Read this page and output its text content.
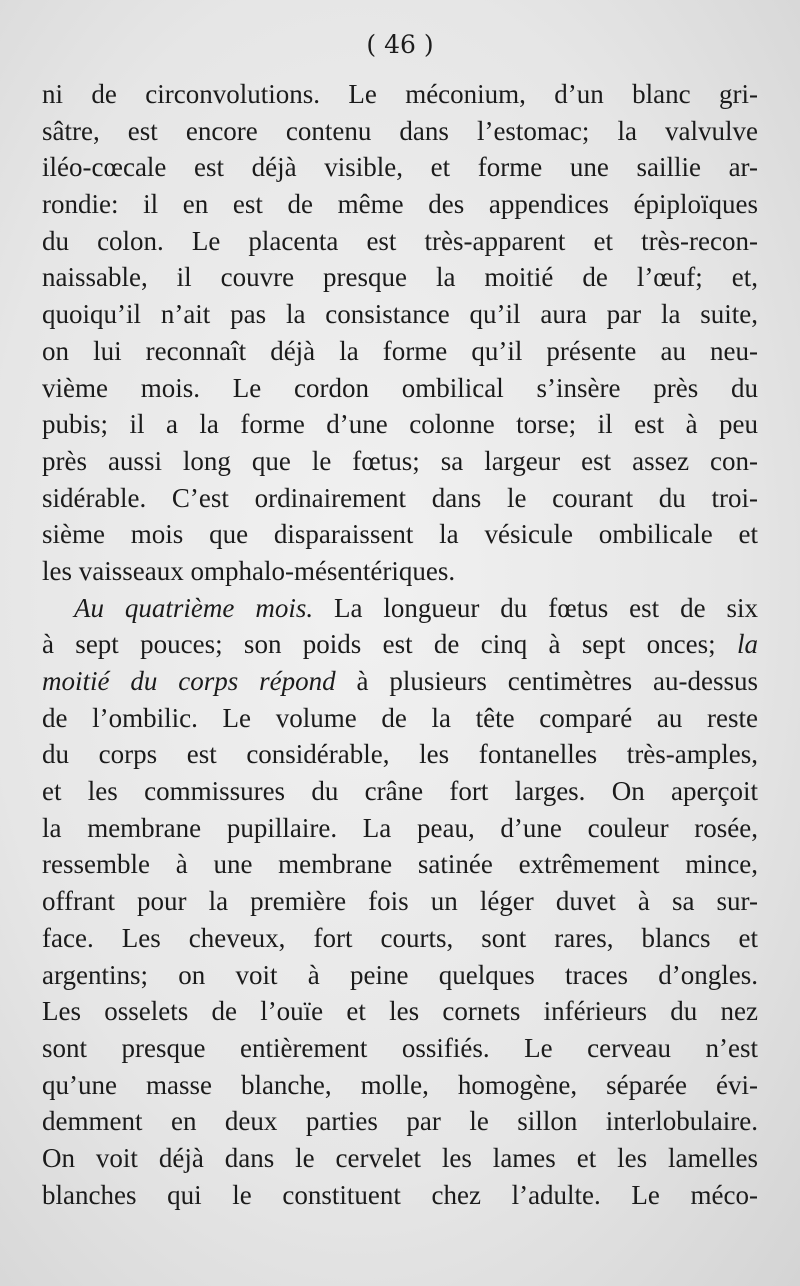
( 46 )

ni de circonvolutions. Le méconium, d’un blanc gri-
sâtre, est encore contenu dans l’estomac; la valvulve
iléo-cœcale est déjà visible, et forme une saillie ar-
rondie: il en est de même des appendices épiploïques
du colon. Le placenta est très-apparent et très-recon-
naissable, il couvre presque la moitié de l’œuf; et,
quoiqu’il n’ait pas la consistance qu’il aura par la suite,
on lui reconnaît déjà la forme qu’il présente au neu-
vième mois. Le cordon ombilical s’insère près du
pubis; il a la forme d’une colonne torse; il est à peu
près aussi long que le fœtus; sa largeur est assez con-
sidérable. C’est ordinairement dans le courant du troi-
sième mois que disparaissent la vésicule ombilicale et
les vaisseaux omphalo-mésentériques.
Au quatrième mois. La longueur du fœtus est de six
à sept pouces; son poids est de cinq à sept onces; la
moitié du corps répond à plusieurs centimètres au-dessus
de l’ombilic. Le volume de la tête comparé au reste
du corps est considérable, les fontanelles très-amples,
et les commissures du crâne fort larges. On aperçoit
la membrane pupillaire. La peau, d’une couleur rosée,
ressemble à une membrane satinée extrêmement mince,
offrant pour la première fois un léger duvet à sa sur-
face. Les cheveux, fort courts, sont rares, blancs et
argentins; on voit à peine quelques traces d’ongles.
Les osselets de l’ouïe et les cornets inférieurs du nez
sont presque entièrement ossifiés. Le cerveau n’est
qu’une masse blanche, molle, homogène, séparée évi-
demment en deux parties par le sillon interlobulaire.
On voit déjà dans le cervelet les lames et les lamelles
blanches qui le constituent chez l’adulte. Le méco-
